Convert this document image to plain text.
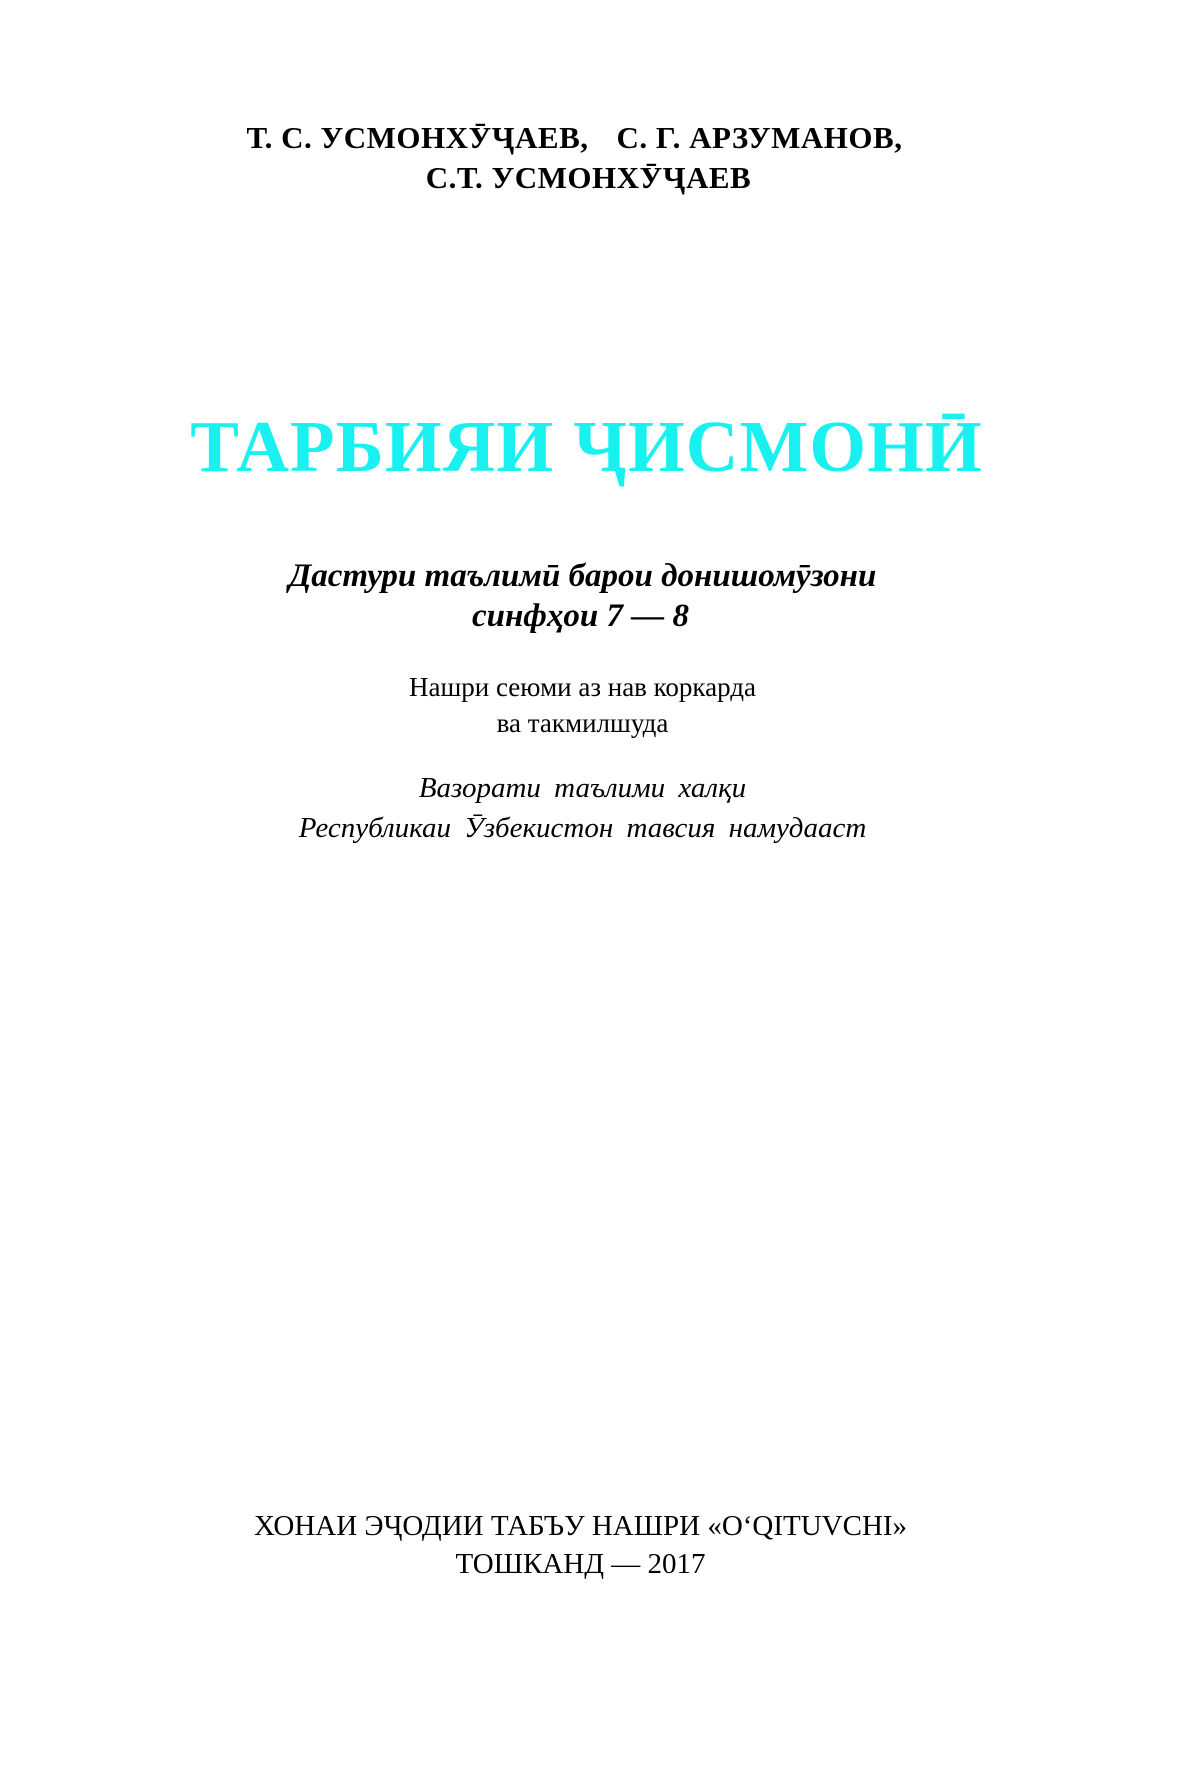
Т. С. УСМОНХӮҶАЕВ, С. Г. АРЗУМАНОВ,
С.Т. УСМОНХӮҶАЕВ
ТАРБИЯИ ҶИСМОНӢ
Дастури таълимӣ барои донишомӯзони
синфҳои 7 — 8
Нашри сеюми аз нав коркарда
ва такмилшуда
Вазорати таълими халқи
Республикаи Ӯзбекистон тавсия намудааст
ХОНАИ ЭҶОДИИ ТАБЪУ НАШРИ «O‘QITUVCHI»
ТОШКАНД — 2017
